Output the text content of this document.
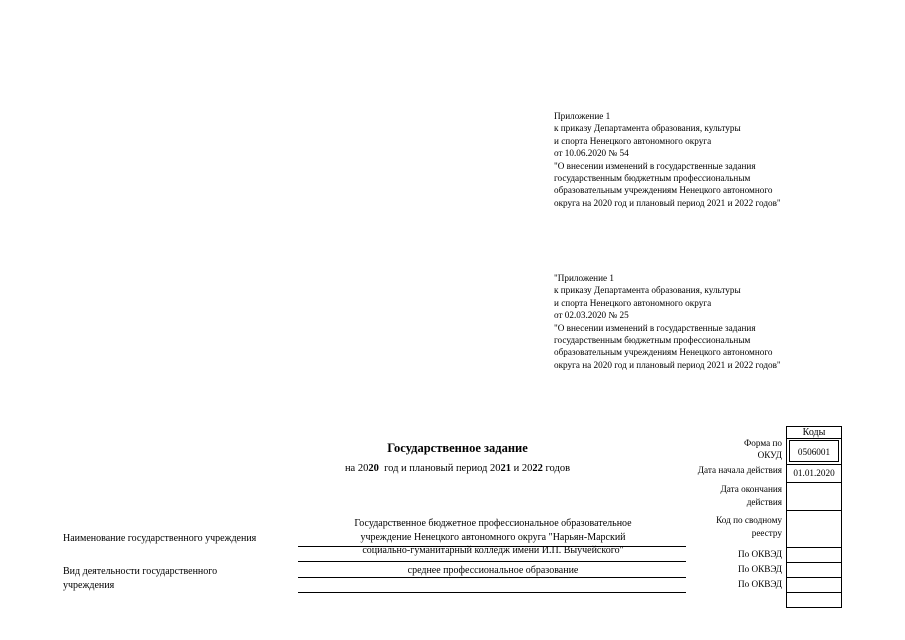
Приложение 1
к приказу Департамента образования, культуры
и спорта Ненецкого автономного округа
от 10.06.2020 № 54
"О внесении изменений в государственные задания
государственным бюджетным профессиональным
образовательным учреждениям Ненецкого автономного
округа на 2020 год и плановый период 2021 и 2022 годов"
"Приложение 1
к приказу Департамента образования, культуры
и спорта Ненецкого автономного округа
от 02.03.2020 № 25
"О внесении изменений в государственные задания
государственным бюджетным профессиональным
образовательным учреждениям Ненецкого автономного
округа на 2020 год и плановый период 2021 и 2022 годов"
Государственное задание
на 2020  год и плановый период 2021 и 2022 годов
Наименование государственного учреждения
Государственное бюджетное профессиональное образовательное
учреждение Ненецкого автономного округа "Нарьян-Марский
социально-гуманитарный колледж имени И.П. Выучейского"
Вид деятельности государственного
учреждения
среднее профессиональное образование
Форма по
ОКУД
Дата начала действия
Дата окончания
действия
Код по сводному
реестру
По ОКВЭД
По ОКВЭД
По ОКВЭД
Коды
0506001
01.01.2020
